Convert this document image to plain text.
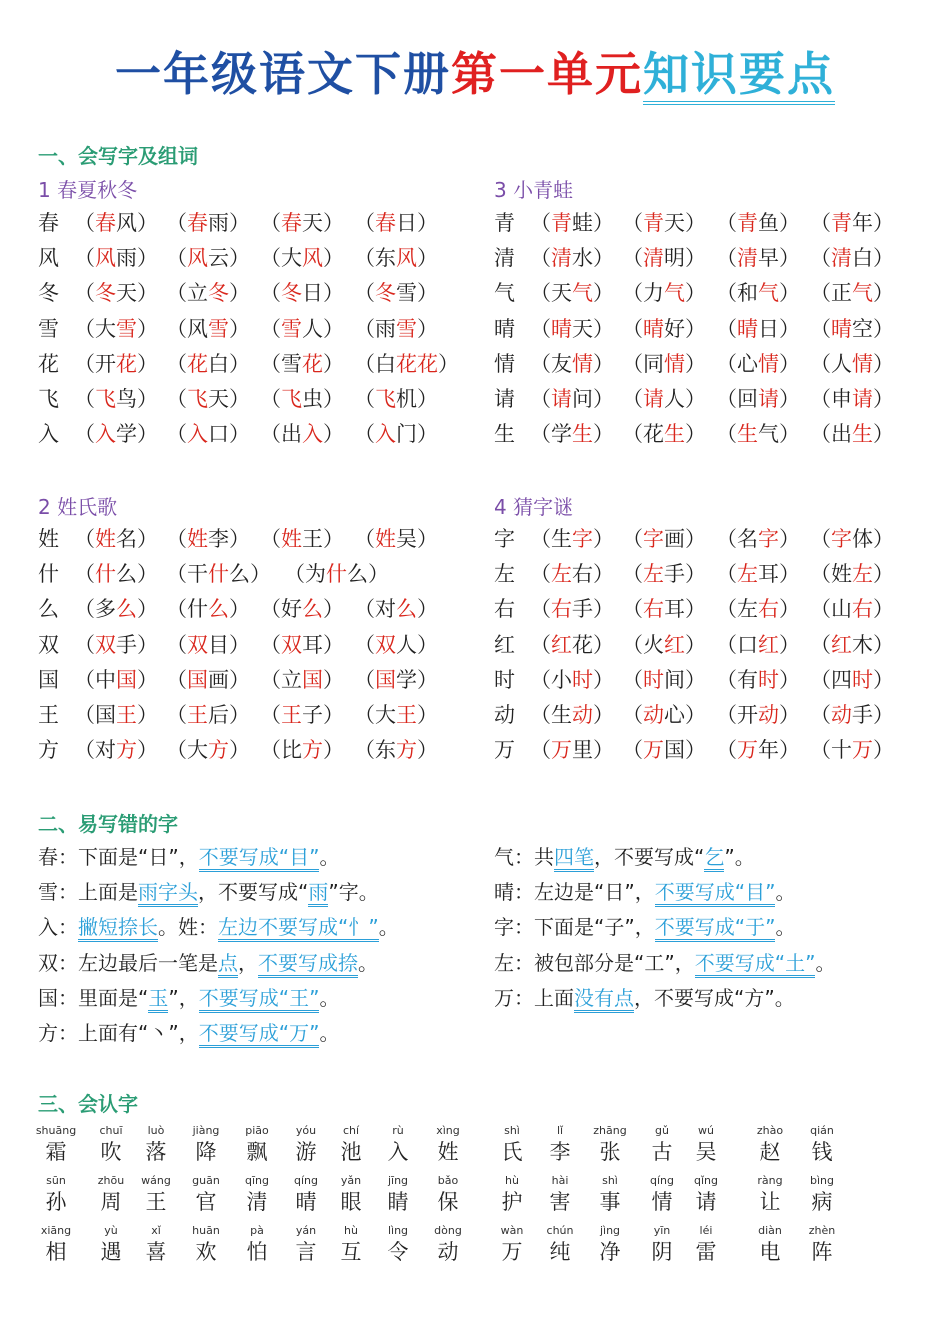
一年级语文下册第一单元知识要点
一、会写字及组词
1 春夏秋冬	3 小青蛙
2 姓氏歌	4 猜字谜
春 （春风） （春雨） （春天） （春日）
风 （风雨） （风云） （大风） （东风）
冬 （冬天） （立冬） （冬日） （冬雪）
雪 （大雪） （风雪） （雪人） （雨雪）
花 （开花） （花白） （雪花） （白花花）
飞 （飞鸟） （飞天） （飞虫） （飞机）
入 （入学） （入口） （出入） （入门）
青 （青蛙） （青天） （青鱼） （青年）
清 （清水） （清明） （清早） （清白）
气 （天气） （力气） （和气） （正气）
晴 （晴天） （晴好） （晴日） （晴空）
情 （友情） （同情） （心情） （人情）
请 （请问） （请人） （回请） （申请）
生 （学生） （花生） （生气） （出生）
姓 （姓名） （姓李） （姓王） （姓吴）
什 （什么） （干什么） （为什么）
么 （多么） （什么） （好么） （对么）
双 （双手） （双目） （双耳） （双人）
国 （中国） （国画） （立国） （国学）
王 （国王） （王后） （王子） （大王）
方 （对方） （大方） （比方） （东方）
字 （生字） （字画） （名字） （字体）
左 （左右） （左手） （左耳） （姓左）
右 （右手） （右耳） （左右） （山右）
红 （红花） （火红） （口红） （红木）
时 （小时） （时间） （有时） （四时）
动 （生动） （动心） （开动） （动手）
万 （万里） （万国） （万年） （十万）
二、易写错的字
春：下面是“日”，不要写成“目”。
雪：上面是雨字头，不要写成“雨”字。
入：撇短捺长。姓：左边不要写成“忄”。
双：左边最后一笔是点，不要写成捺。
国：里面是“玉”，不要写成“王”。
方：上面有“丶”，不要写成“万”。
气：共四笔，不要写成“乞”。
晴：左边是“日”，不要写成“目”。
字：下面是“子”，不要写成“于”。
左：被包部分是“工”，不要写成“土”。
万：上面没有点，不要写成“方”。
三、会认字
shuāng
霜
chuī
吹
luò
落
jiàng
降
piāo
飘
yóu
游
chí
池
rù
入
xìng
姓
shì
氏
lǐ
李
zhāng
张
gǔ
古
wú
吴
zhào
赵
qián
钱
sūn
孙
zhōu
周
wáng
王
guān
官
qīng
清
qíng
晴
yǎn
眼
jīng
睛
bǎo
保
hù
护
hài
害
shì
事
qíng
情
qǐng
请
ràng
让
bìng
病
xiāng
相
yù
遇
xǐ
喜
huān
欢
pà
怕
yán
言
hù
互
lìng
令
dòng
动
wàn
万
chún
纯
jìng
净
yīn
阴
léi
雷
diàn
电
zhèn
阵
